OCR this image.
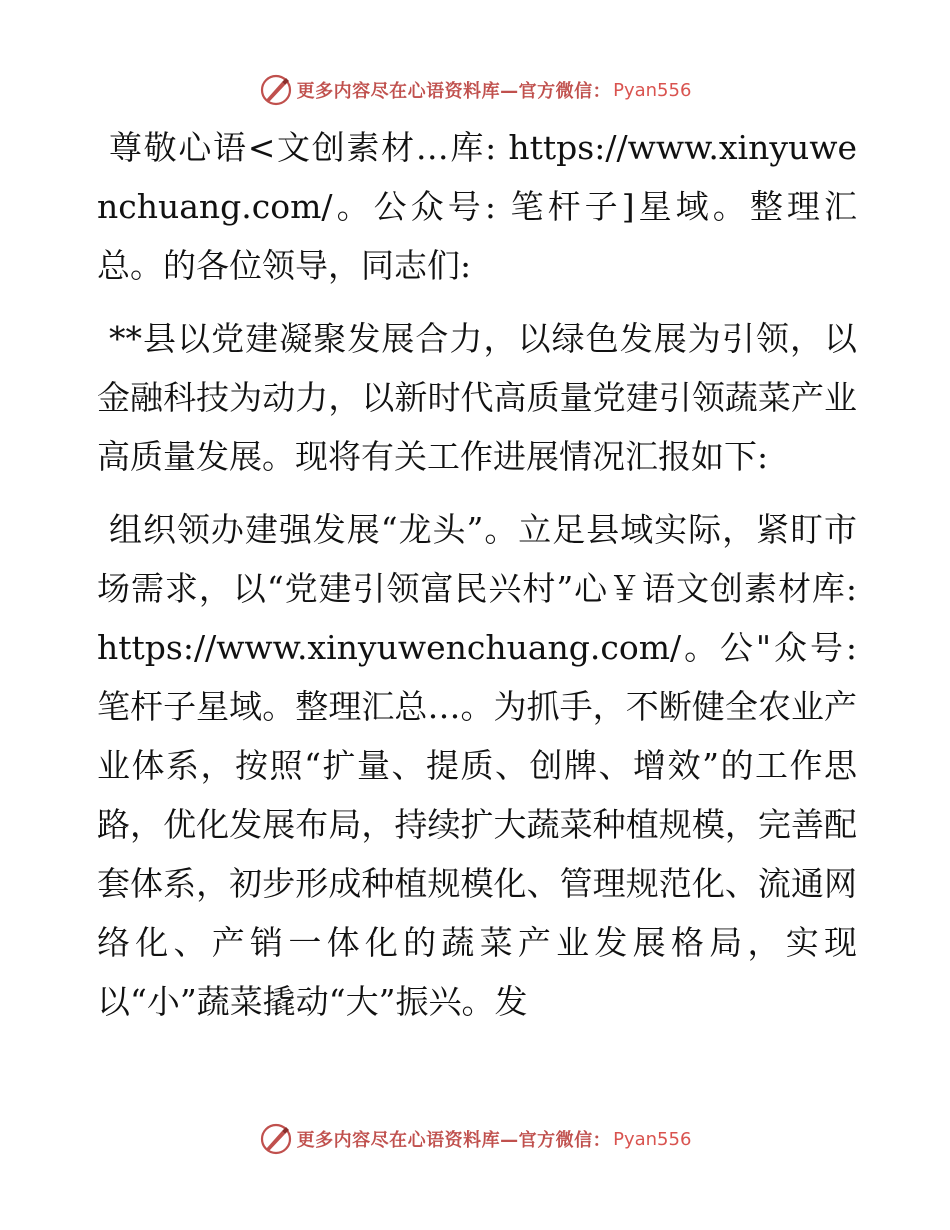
更多内容尽在心语资料库—官方微信： Pyan556

尊敬心语<文创素材…库: https://www.xinyuwenchuang.com/。公众号: 笔杆子]星域。整理汇总。的各位领导，同志们:

**县以党建凝聚发展合力，以绿色发展为引领，以金融科技为动力，以新时代高质量党建引领蔬菜产业高质量发展。现将有关工作进展情况汇报如下:

组织领办建强发展“龙头”。立足县域实际，紧盯市场需求，以“党建引领富民兴村”心￥语文创素材库: https://www.xinyuwenchuang.com/。公"众号: 笔杆子星域。整理汇总…。为抓手，不断健全农业产业体系，按照“扩量、提质、创牌、增效”的工作思路，优化发展布局，持续扩大蔬菜种植规模，完善配套体系，初步形成种植规模化、管理规范化、流通网络化、产销一体化的蔬菜产业发展格局，实现以“小”蔬菜撬动“大”振兴。发

更多内容尽在心语资料库—官方微信： Pyan556
